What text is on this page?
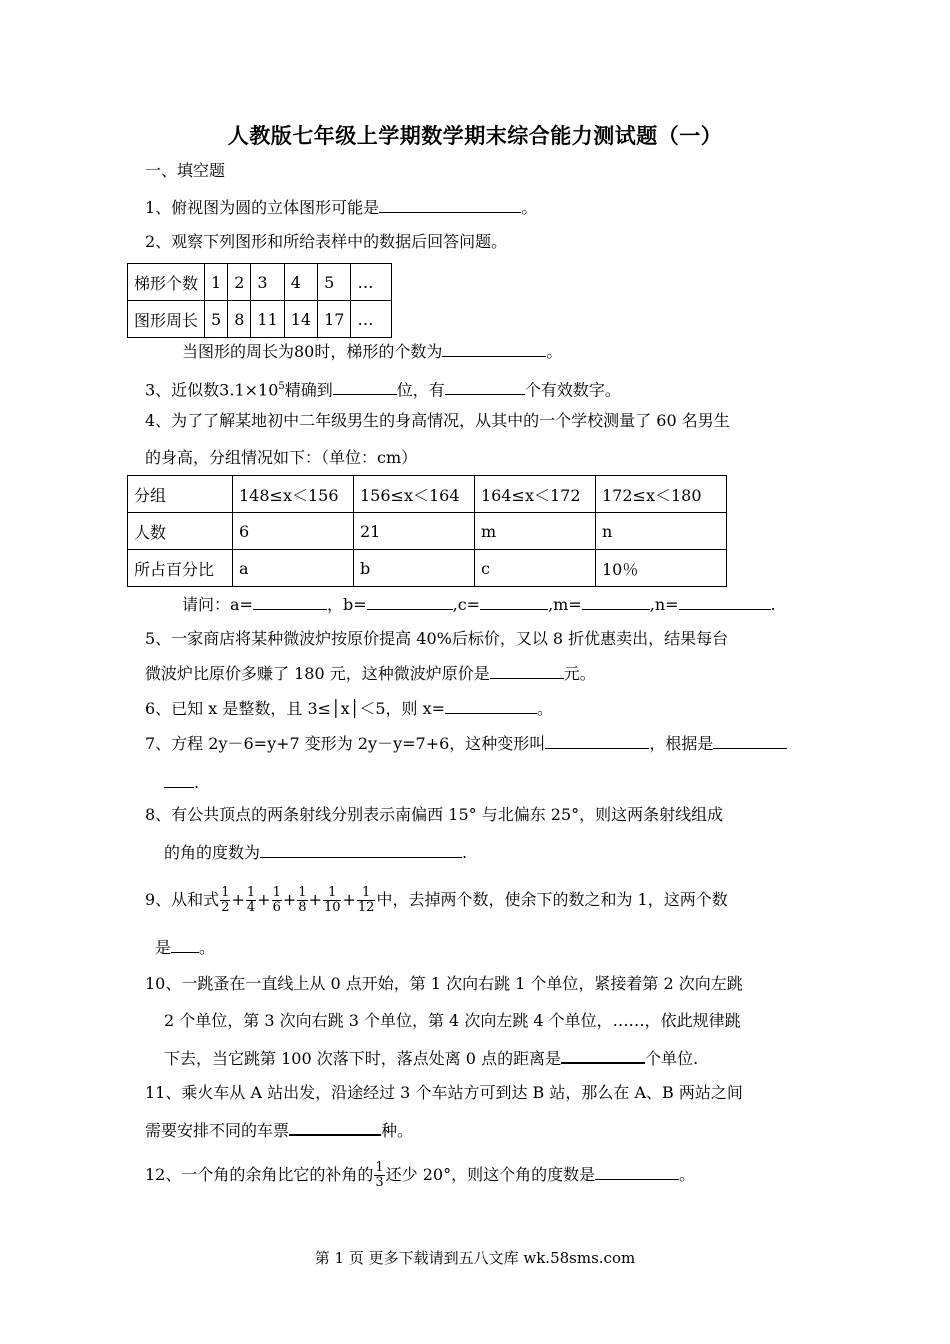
人教版七年级上学期数学期末综合能力测试题（一）
一、填空题
1、俯视图为圆的立体图形可能是	。
2、观察下列图形和所给表样中的数据后回答问题。
梯形个数	1	2	3	4	5	…
图形周长	5	8	11	14	17	…
当图形的周长为80时，梯形的个数为	。
3、近似数$3.1\times 10^5$精确到	位，有	个有效数字。
4、为了了解某地初中二年级男生的身高情况，从其中的一个学校测量了 60 名男生
的身高，分组情况如下：（单位：cm）
分组	148≤x＜156	156≤x＜164	164≤x＜172	172≤x＜180
人数	6	21	m	n
所占百分比	a	b	c	10％
请问：a=	，b=	,c=	,m=	,n=	.
5、一家商店将某种微波炉按原价提高 40%后标价，又以 8 折优惠卖出，结果每台
微波炉比原价多赚了 180 元，这种微波炉原价是	元。
6、已知 x 是整数，且 3≤│x│＜5，则 x=	。
7、方程 2y－6=y+7 变形为 2y－y=7+6，这种变形叫	，根据是
.
8、有公共顶点的两条射线分别表示南偏西 15° 与北偏东 25°，则这两条射线组成
的角的度数为	.
9、从和式 $\frac{1}{2} + \frac{1}{4} + \frac{1}{6} + \frac{1}{8} + \frac{1}{10} + \frac{1}{12}$ 中，去掉两个数，使余下的数之和为 1，这两个数
是 。
10、一跳蚤在一直线上从 0 点开始，第 1 次向右跳 1 个单位，紧接着第 2 次向左跳
2 个单位，第 3 次向右跳 3 个单位，第 4 次向左跳 4 个单位，……，依此规律跳
下去，当它跳第 100 次落下时，落点处离 0 点的距离是	个单位.
11、乘火车从 A 站出发，沿途经过 3 个车站方可到达 B 站，那么在 A、B 两站之间
需要安排不同的车票	种。
12、一个角的余角比它的补角的 $\frac{1}{3}$ 还少 20°，则这个角的度数是	。
第 1 页 更多下载请到五八文库 wk.58sms.com
